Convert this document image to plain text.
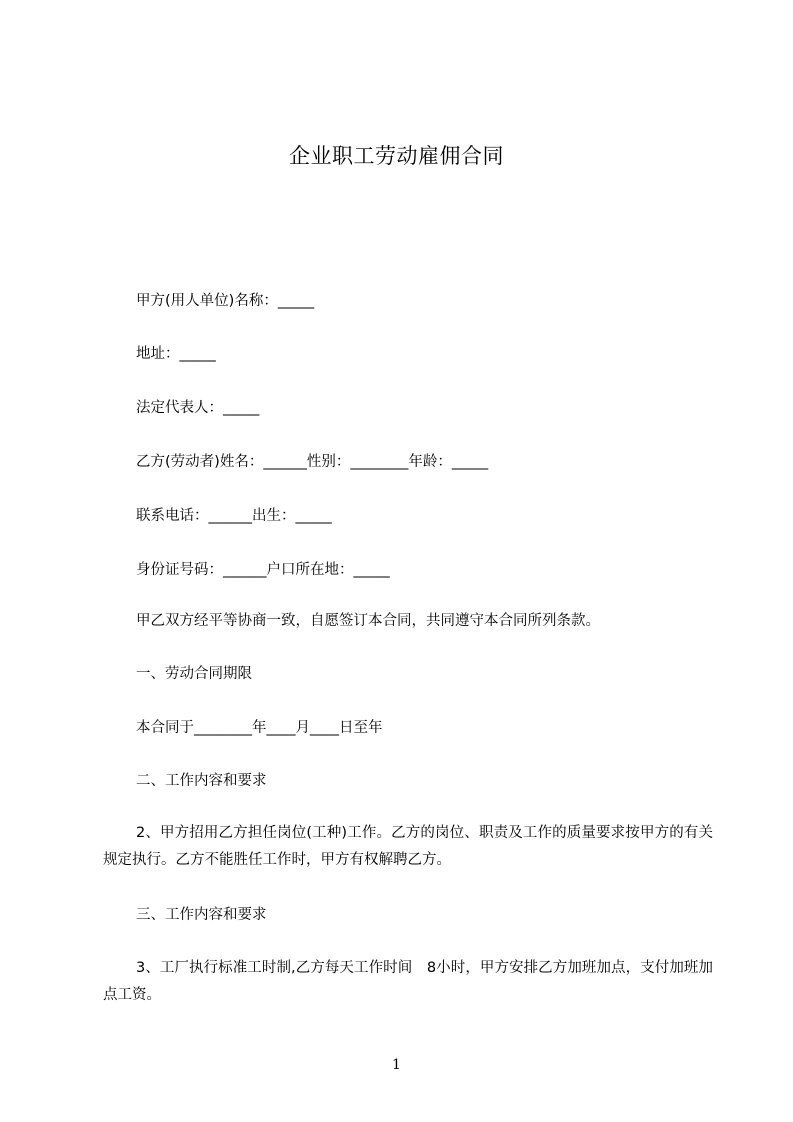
企业职工劳动雇佣合同
甲方(用人单位)名称：_____
地址：_____
法定代表人：_____
乙方(劳动者)姓名：______性别：________年龄：_____
联系电话：______出生：_____
身份证号码：______户口所在地：_____
甲乙双方经平等协商一致，自愿签订本合同，共同遵守本合同所列条款。
一、劳动合同期限
本合同于________年____月____日至年
二、工作内容和要求
2、甲方招用乙方担任岗位(工种)工作。乙方的岗位、职责及工作的质量要求按甲方的有关规定执行。乙方不能胜任工作时，甲方有权解聘乙方。
三、工作内容和要求
3、工厂执行标准工时制,乙方每天工作时间　8小时，甲方安排乙方加班加点，支付加班加点工资。
1
